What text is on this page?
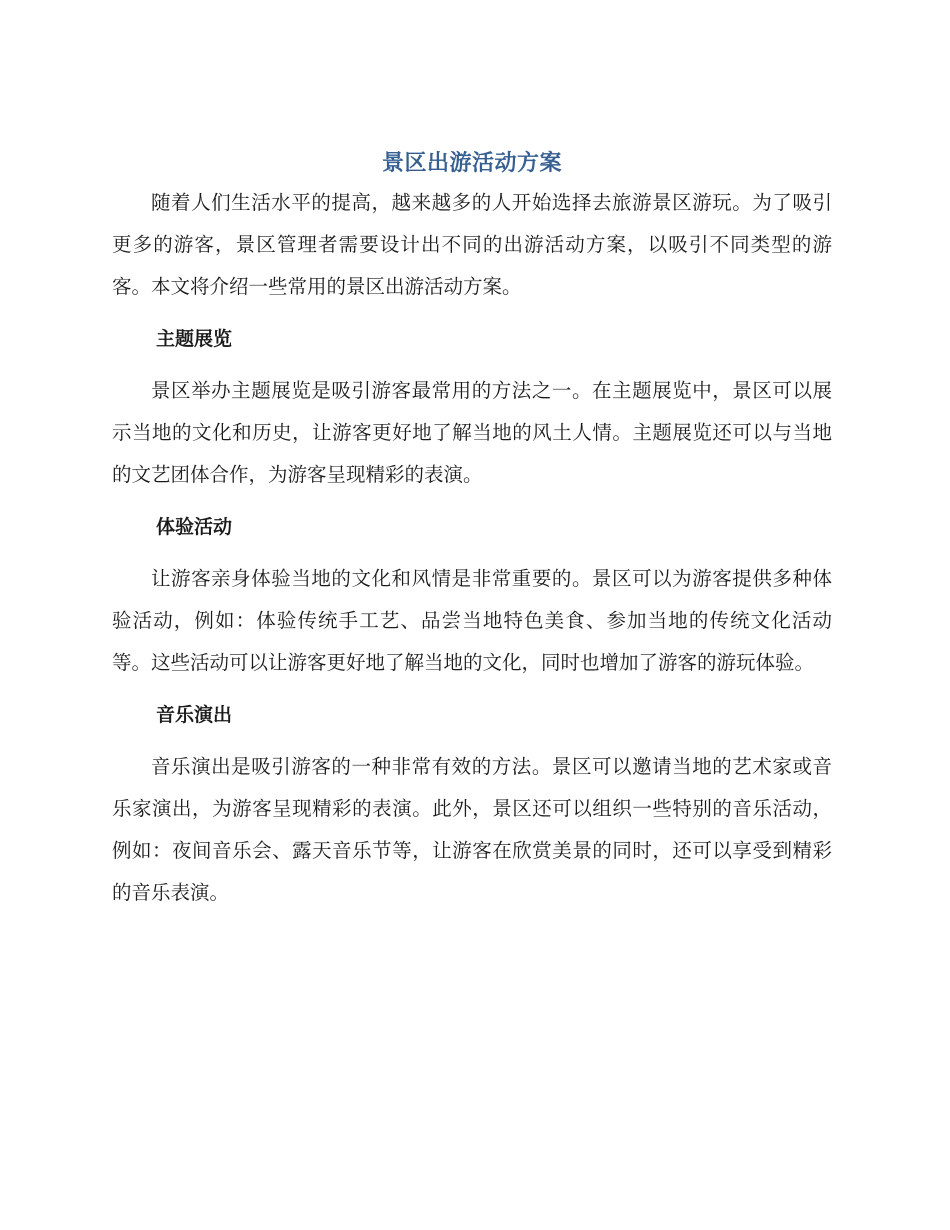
景区出游活动方案

随着人们生活水平的提高，越来越多的人开始选择去旅游景区游玩。为了吸引更多的游客，景区管理者需要设计出不同的出游活动方案，以吸引不同类型的游客。本文将介绍一些常用的景区出游活动方案。

主题展览

景区举办主题展览是吸引游客最常用的方法之一。在主题展览中，景区可以展示当地的文化和历史，让游客更好地了解当地的风土人情。主题展览还可以与当地的文艺团体合作，为游客呈现精彩的表演。

体验活动

让游客亲身体验当地的文化和风情是非常重要的。景区可以为游客提供多种体验活动，例如：体验传统手工艺、品尝当地特色美食、参加当地的传统文化活动等。这些活动可以让游客更好地了解当地的文化，同时也增加了游客的游玩体验。

音乐演出

音乐演出是吸引游客的一种非常有效的方法。景区可以邀请当地的艺术家或音乐家演出，为游客呈现精彩的表演。此外，景区还可以组织一些特别的音乐活动，例如：夜间音乐会、露天音乐节等，让游客在欣赏美景的同时，还可以享受到精彩的音乐表演。
